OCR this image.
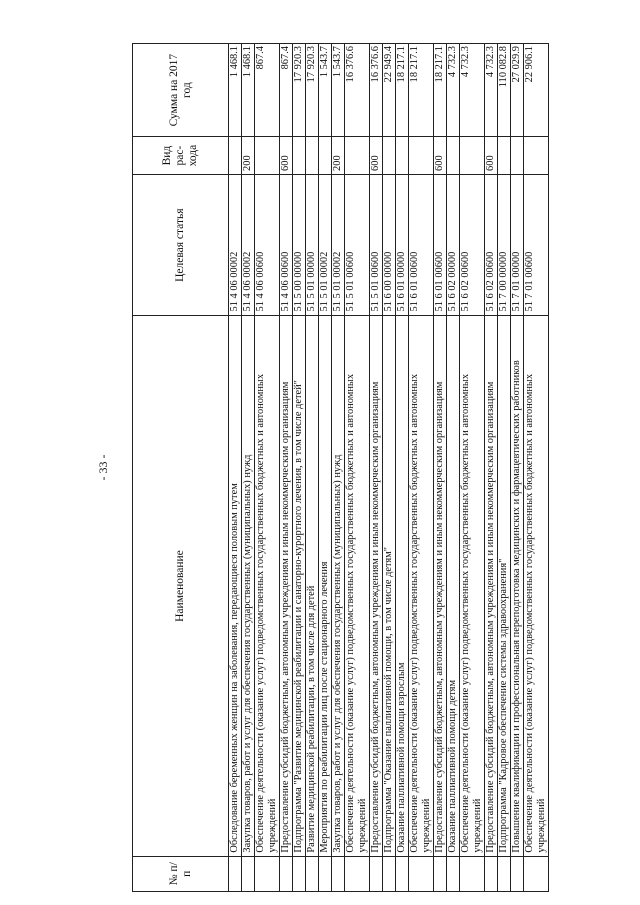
- 33 -
№ п/п	Наименование	Целевая статья	Вид рас- хода	Сумма на 2017 год
	Обследование беременных женщин на заболевания, передающиеся половым путем	51 4 06 00002		1 468.1
	Закупка товаров, работ и услуг для обеспечения государственных (муниципальных) нужд	51 4 06 00002	200	1 468.1
	Обеспечение деятельности (оказание услуг) подведомственных государственных бюджетных и автономных учреждений	51 4 06 00600		867.4
	Предоставление субсидий бюджетным, автономным учреждениям и иным некоммерческим организациям	51 4 06 00600	600	867.4
	Подпрограмма "Развитие медицинской реабилитации и санаторно-курортного лечения, в том числе детей"	51 5 00 00000		17 920.3
	Развитие медицинской реабилитации, в том числе для детей	51 5 01 00000		17 920.3
	Мероприятия по реабилитации лиц после стационарного лечения	51 5 01 00002		1 543.7
	Закупка товаров, работ и услуг для обеспечения государственных (муниципальных) нужд	51 5 01 00002	200	1 543.7
	Обеспечение деятельности (оказание услуг) подведомственных государственных бюджетных и автономных учреждений	51 5 01 00600		16 376.6
	Предоставление субсидий бюджетным, автономным учреждениям и иным некоммерческим организациям	51 5 01 00600	600	16 376.6
	Подпрограмма "Оказание паллиативной помощи, в том числе детям"	51 6 00 00000		22 949.4
	Оказание паллиативной помощи взрослым	51 6 01 00000		18 217.1
	Обеспечение деятельности (оказание услуг) подведомственных государственных бюджетных и автономных учреждений	51 6 01 00600		18 217.1
	Предоставление субсидий бюджетным, автономным учреждениям и иным некоммерческим организациям	51 6 01 00600	600	18 217.1
	Оказание паллиативной помощи детям	51 6 02 00000		4 732.3
	Обеспечение деятельности (оказание услуг) подведомственных государственных бюджетных и автономных учреждений	51 6 02 00600		4 732.3
	Предоставление субсидий бюджетным, автономным учреждениям и иным некоммерческим организациям	51 6 02 00600	600	4 732.3
	Подпрограмма "Кадровое обеспечение системы здравоохранения"	51 7 00 00000		110 082.8
	Повышение квалификации и профессиональная переподготовка медицинских и фармацевтических работников	51 7 01 00000		27 029.9
	Обеспечение деятельности (оказание услуг) подведомственных государственных бюджетных и автономных учреждений	51 7 01 00600		22 906.1
